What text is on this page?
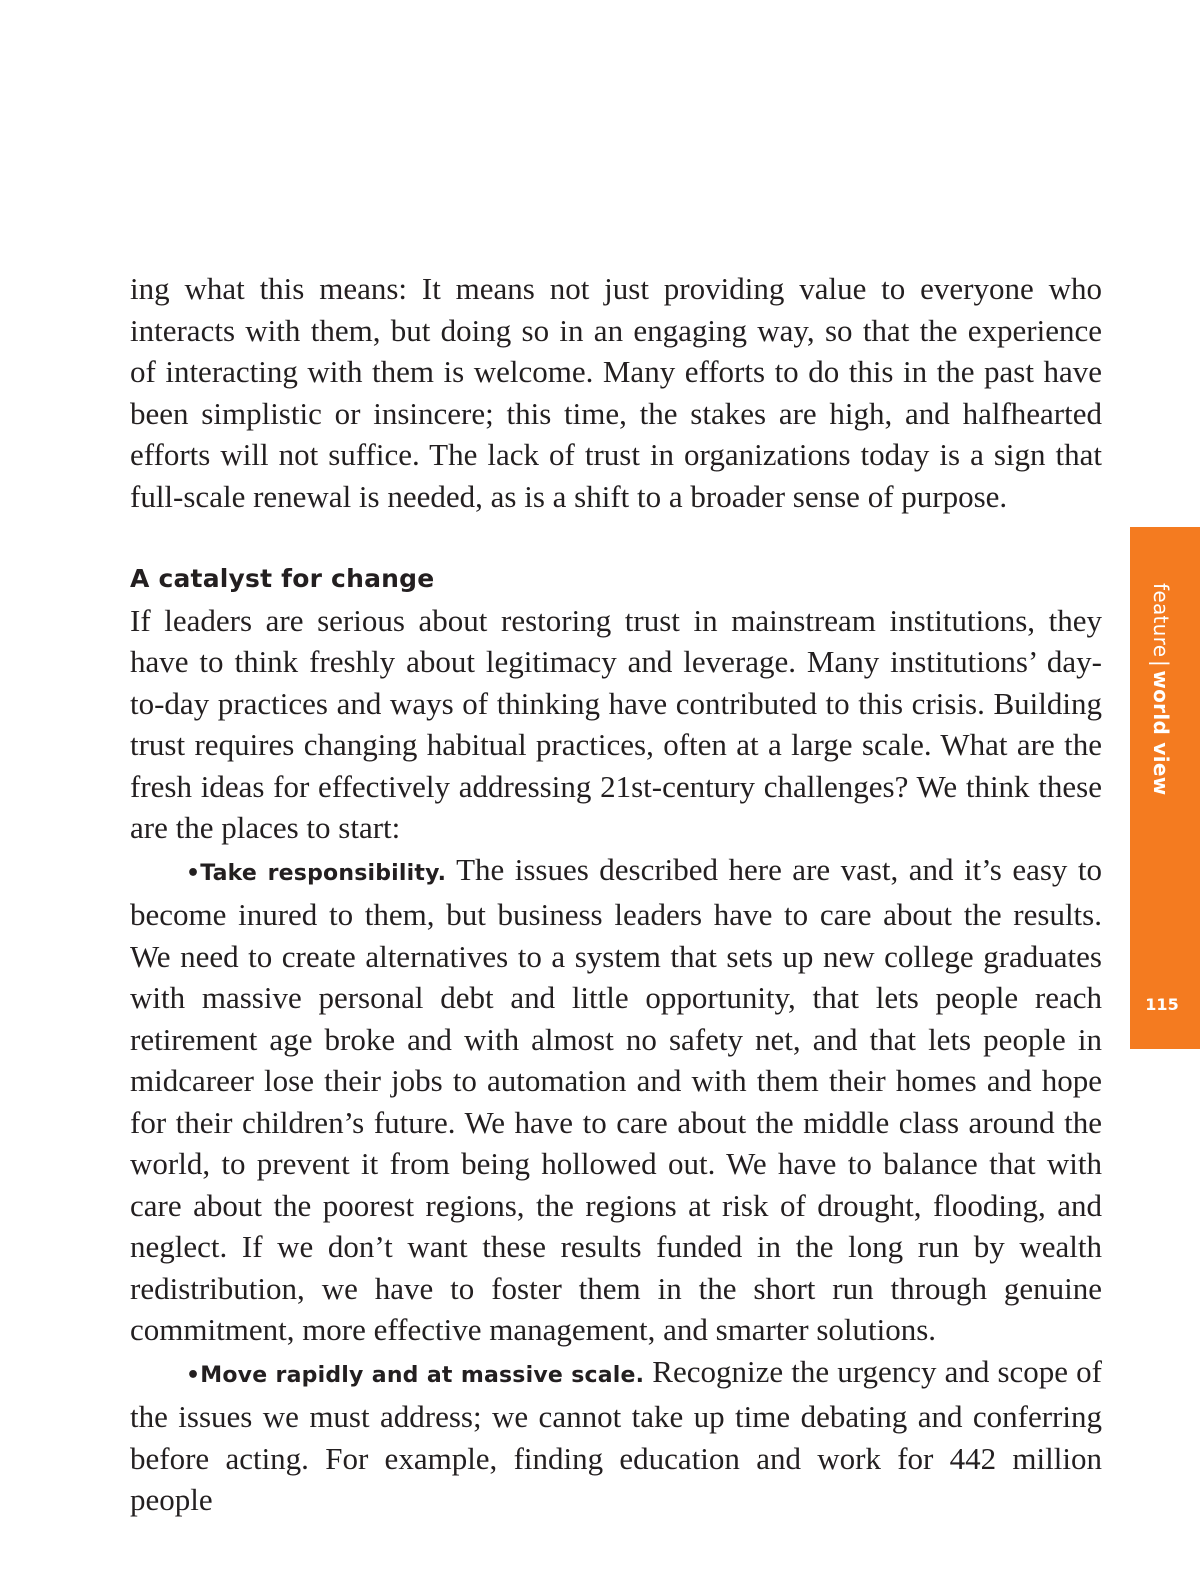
ing what this means: It means not just providing value to everyone who interacts with them, but doing so in an engaging way, so that the experience of interacting with them is welcome. Many efforts to do this in the past have been simplistic or insincere; this time, the stakes are high, and halfhearted efforts will not suffice. The lack of trust in organizations today is a sign that full-scale renewal is needed, as is a shift to a broader sense of purpose.

A catalyst for change

If leaders are serious about restoring trust in mainstream institutions, they have to think freshly about legitimacy and leverage. Many institutions’ day-to-day practices and ways of thinking have contributed to this crisis. Building trust requires changing habitual practices, often at a large scale. What are the fresh ideas for effectively addressing 21st-century challenges? We think these are the places to start:

•Take responsibility. The issues described here are vast, and it’s easy to become inured to them, but business leaders have to care about the results. We need to create alternatives to a system that sets up new college graduates with massive personal debt and little opportunity, that lets people reach retirement age broke and with almost no safety net, and that lets people in midcareer lose their jobs to automation and with them their homes and hope for their children’s future. We have to care about the middle class around the world, to prevent it from being hollowed out. We have to balance that with care about the poorest regions, the regions at risk of drought, flooding, and neglect. If we don’t want these results funded in the long run by wealth redistribution, we have to foster them in the short run through genuine commitment, more effective management, and smarter solutions.

•Move rapidly and at massive scale. Recognize the urgency and scope of the issues we must address; we cannot take up time debating and conferring before acting. For example, finding education and work for 442 million people

feature|world view
115
